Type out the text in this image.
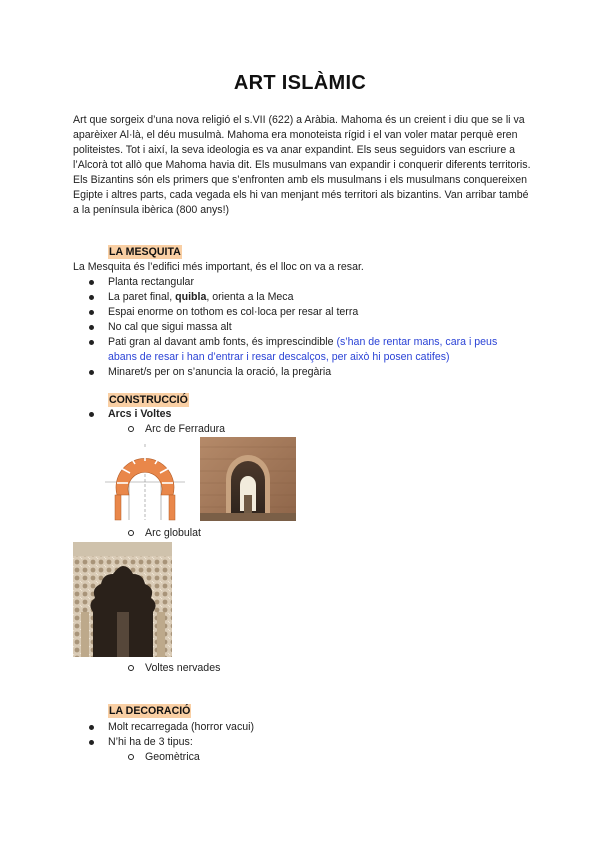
ART ISLÀMIC

Art que sorgeix d’una nova religió el s.VII (622) a Aràbia. Mahoma és un creient i diu que se li va aparèixer Al·là, el déu musulmà. Mahoma era monoteista rígid i el van voler matar perquè eren politeistes. Tot i així, la seva ideologia es va anar expandint. Els seus seguidors van escriure a l’Alcorà tot allò que Mahoma havia dit. Els musulmans van expandir i conquerir diferents territoris.

Els Bizantins són els primers que s’enfronten amb els musulmans i els musulmans conquereixen Egipte i altres parts, cada vegada els hi van menjant més territori als bizantins. Van arribar també a la península ibèrica (800 anys!)

LA MESQUITA
La Mesquita és l’edifici més important, és el lloc on va a resar.
Planta rectangular
La paret final, quibla, orienta a la Meca
Espai enorme on tothom es col·loca per resar al terra
No cal que sigui massa alt
Pati gran al davant amb fonts, és imprescindible (s’han de rentar mans, cara i peus
abans de resar i han d’entrar i resar descalços, per això hi posen catifes)
Minaret/s per on s’anuncia la oració, la pregària
CONSTRUCCIÓ
Arcs i Voltes
Arc de Ferradura
Arc globulat
Voltes nervades
LA DECORACIÓ
Molt recarregada (horror vacui)
N’hi ha de 3 tipus:
Geomètrica
